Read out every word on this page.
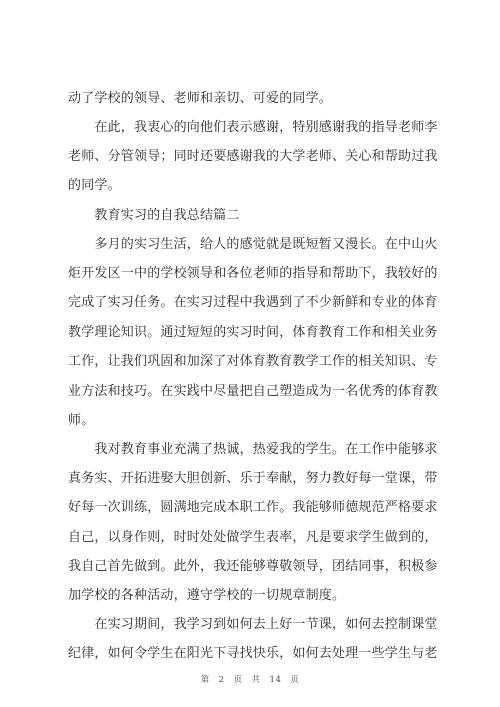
动了学校的领导、老师和亲切、可爱的同学。
　　在此，我衷心的向他们表示感谢，特别感谢我的指导老师李
老师、分管领导；同时还要感谢我的大学老师、关心和帮助过我
的同学。
　　教育实习的自我总结篇二
　　多月的实习生活，给人的感觉就是既短暂又漫长。在中山火
炬开发区一中的学校领导和各位老师的指导和帮助下，我较好的
完成了实习任务。在实习过程中我遇到了不少新鲜和专业的体育
教学理论知识。通过短短的实习时间，体育教育工作和相关业务
工作，让我们巩固和加深了对体育教育教学工作的相关知识、专
业方法和技巧。在实践中尽量把自己塑造成为一名优秀的体育教
师。
　　我对教育事业充满了热诚，热爱我的学生。在工作中能够求
真务实、开拓进娶大胆创新、乐于奉献，努力教好每一堂课，带
好每一次训练，圆满地完成本职工作。我能够师德规范严格要求
自己，以身作则，时时处处做学生表率，凡是要求学生做到的，
我自己首先做到。此外，我还能够尊敬领导，团结同事，积极参
加学校的各种活动，遵守学校的一切规章制度。
　　在实习期间，我学习到如何去上好一节课，如何去控制课堂
纪律，如何令学生在阳光下寻找快乐，如何去处理一些学生与老
第　2　页　共　14　页
